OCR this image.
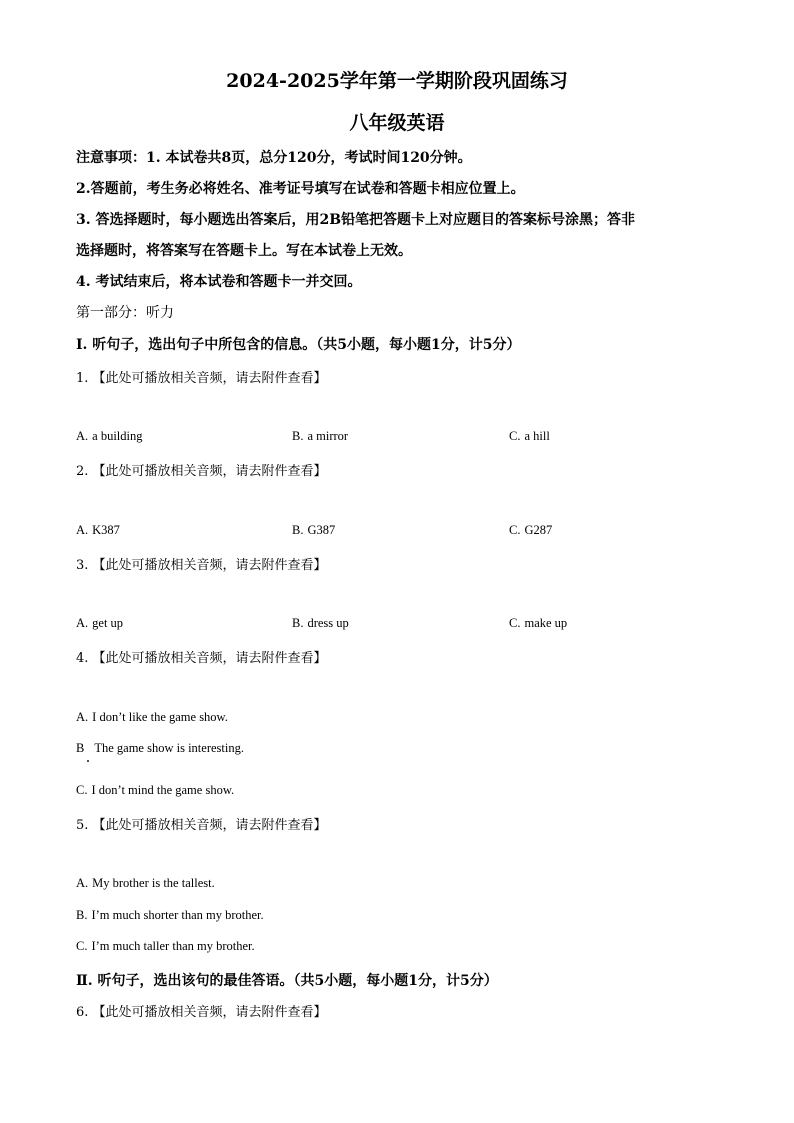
2024-2025学年第一学期阶段巩固练习
八年级英语
注意事项：1. 本试卷共8页，总分120分，考试时间120分钟。
2.答题前，考生务必将姓名、准考证号填写在试卷和答题卡相应位置上。
3. 答选择题时，每小题选出答案后，用2B铅笔把答题卡上对应题目的答案标号涂黑；答非
选择题时，将答案写在答题卡上。写在本试卷上无效。
4. 考试结束后，将本试卷和答题卡一并交回。
第一部分：听力
Ⅰ. 听句子，选出句子中所包含的信息。（共5小题，每小题1分，计5分）
1. 【此处可播放相关音频，请去附件查看】
A. a building	B. a mirror	C. a hill
2. 【此处可播放相关音频，请去附件查看】
A. K387	B. G387	C. G287
3. 【此处可播放相关音频，请去附件查看】
A. get up	B. dress up	C. make up
4. 【此处可播放相关音频，请去附件查看】
A. I don’t like the game show.
B The game show is interesting.
C. I don’t mind the game show.
5. 【此处可播放相关音频，请去附件查看】
A. My brother is the tallest.
B. I’m much shorter than my brother.
C. I’m much taller than my brother.
Ⅱ. 听句子，选出该句的最佳答语。（共5小题，每小题1分，计5分）
6. 【此处可播放相关音频，请去附件查看】
